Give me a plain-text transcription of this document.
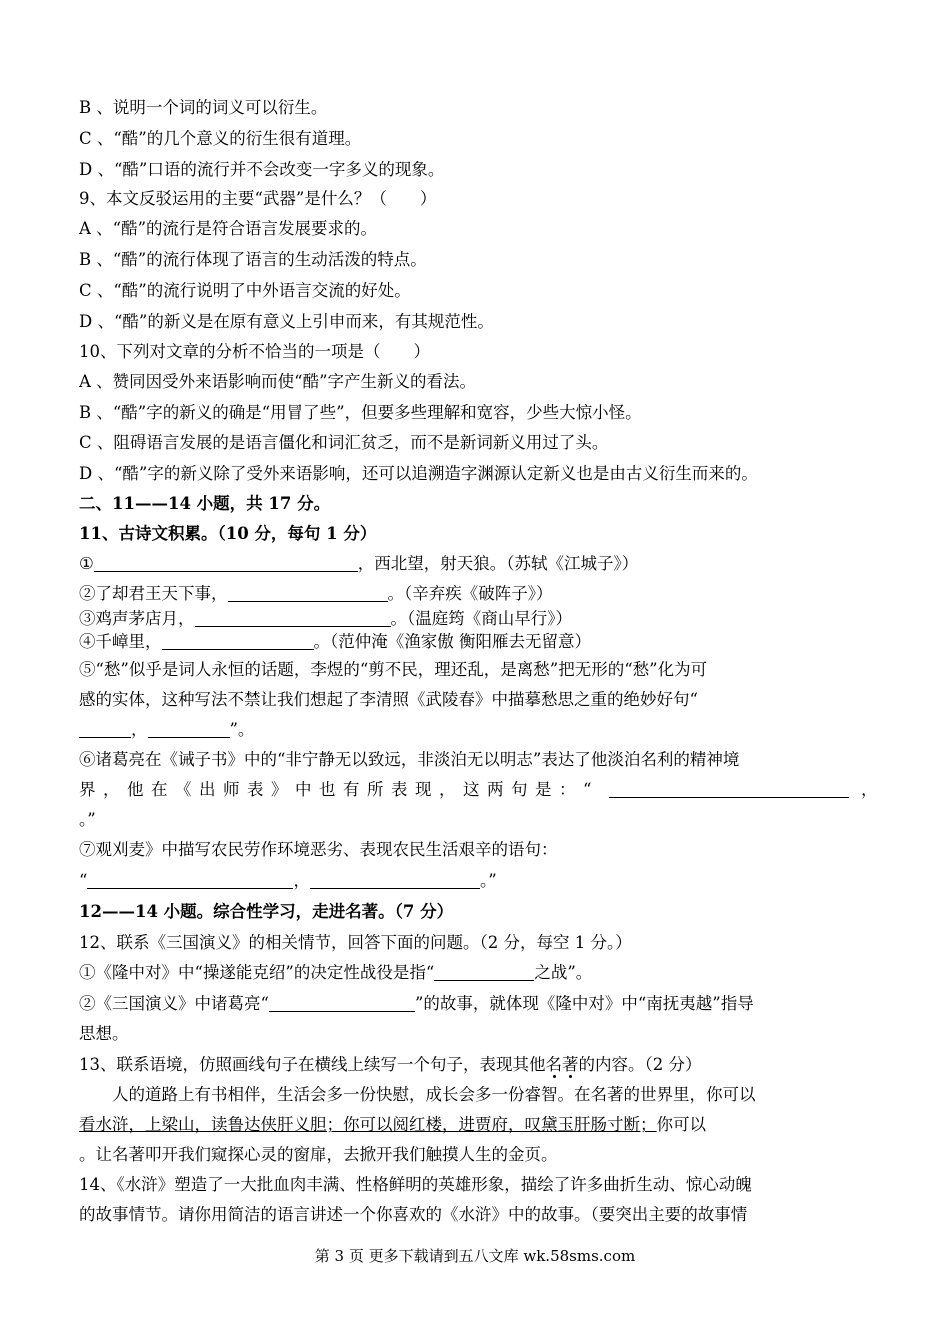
B 、说明一个词的词义可以衍生。
C 、“酷”的几个意义的衍生很有道理。
D 、“酷”口语的流行并不会改变一字多义的现象。
9、本文反驳运用的主要“武器”是什么？（　　）
A 、“酷”的流行是符合语言发展要求的。
B 、“酷”的流行体现了语言的生动活泼的特点。
C 、“酷”的流行说明了中外语言交流的好处。
D 、“酷”的新义是在原有意义上引申而来，有其规范性。
10、下列对文章的分析不恰当的一项是（　　）
A 、赞同因受外来语影响而使“酷”字产生新义的看法。
B 、“酷”字的新义的确是“用冒了些”，但要多些理解和宽容，少些大惊小怪。
C 、阻碍语言发展的是语言僵化和词汇贫乏，而不是新词新义用过了头。
D 、“酷”字的新义除了受外来语影响，还可以追溯造字渊源认定新义也是由古义衍生而来的。
二、11——14 小题，共 17 分。
11、古诗文积累。（10 分，每句 1 分）
①	，西北望，射天狼。（苏轼《江城子》）
②了却君王天下事，	。（辛弃疾《破阵子》）
③鸡声茅店月，	。（温庭筠《商山早行》）
④千嶂里，	。（范仲淹《渔家傲 衡阳雁去无留意）
⑤“愁”似乎是词人永恒的话题，李煜的“剪不民，理还乱，是离愁”把无形的“愁”化为可
感的实体，这种写法不禁让我们想起了李清照《武陵春》中描摹愁思之重的绝妙好句“
，	”。
⑥诸葛亮在《诫子书》中的“非宁静无以致远，非淡泊无以明志”表达了他淡泊名利的精神境
界，他在《出师表》中也有所表现，这两句是：“	，
。”
⑦观刈麦》中描写农民劳作环境恶劣、表现农民生活艰辛的语句：
“	，	。”
12——14 小题。综合性学习，走进名著。（7 分）
12、联系《三国演义》的相关情节，回答下面的问题。（2 分，每空 1 分。）
①《隆中对》中“操遂能克绍”的决定性战役是指“	之战”。
②《三国演义》中诸葛亮“	”的故事，就体现《隆中对》中“南抚夷越”指导
思想。
13、联系语境，仿照画线句子在横线上续写一个句子，表现其他名著的内容。（2 分）
人的道路上有书相伴，生活会多一份快慰，成长会多一份睿智。在名著的世界里，你可以
看水浒，上梁山，读鲁达侠肝义胆；你可以阅红楼，进贾府，叹黛玉肝肠寸断；你可以
。让名著叩开我们窥探心灵的窗扉，去掀开我们触摸人生的金页。
14、《水浒》塑造了一大批血肉丰满、性格鲜明的英雄形象，描绘了许多曲折生动、惊心动魄
的故事情节。请你用简洁的语言讲述一个你喜欢的《水浒》中的故事。（要突出主要的故事情
第 3 页 更多下载请到五八文库 wk.58sms.com
